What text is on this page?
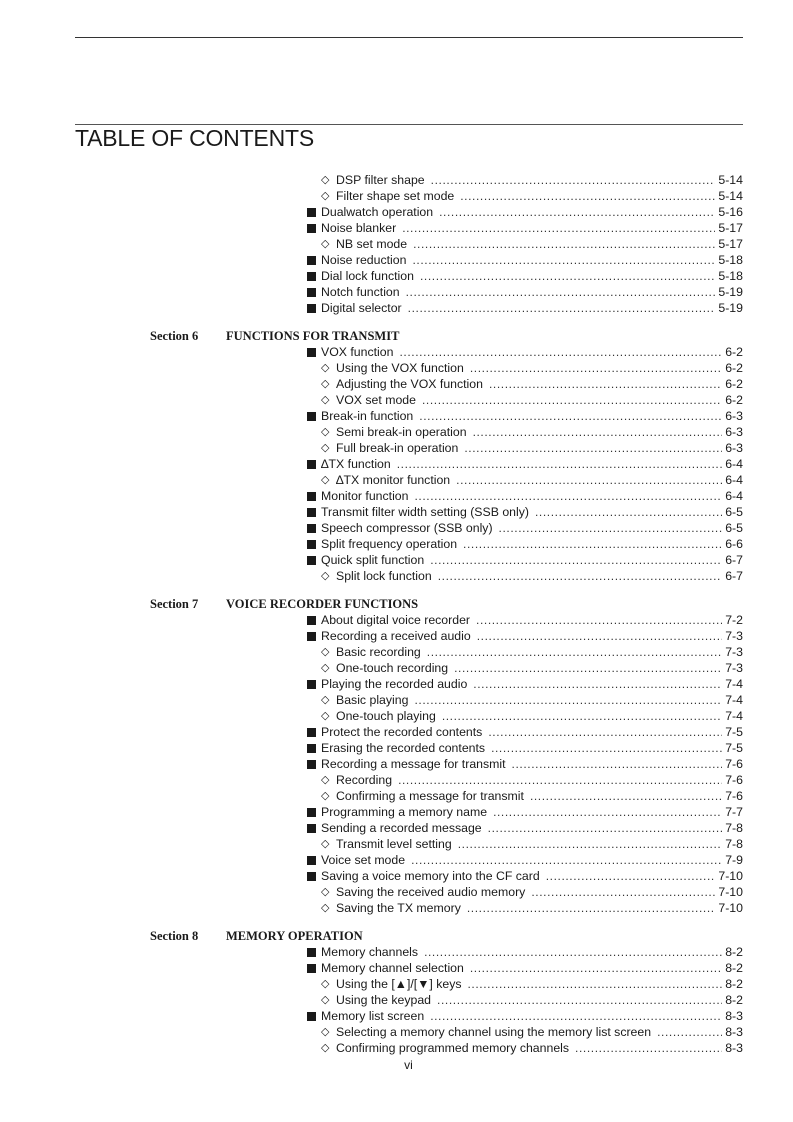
TABLE OF CONTENTS
◇ DSP filter shape .....	5-14
◇ Filter shape set mode .....	5-14
Dualwatch operation .....	5-16
Noise blanker .....	5-17
◇ NB set mode .....	5-17
Noise reduction .....	5-18
Dial lock function .....	5-18
Notch function .....	5-19
Digital selector .....	5-19
Section 6 FUNCTIONS FOR TRANSMIT
VOX function .....	6-2
◇ Using the VOX function .....	6-2
◇ Adjusting the VOX function .....	6-2
◇ VOX set mode .....	6-2
Break-in function .....	6-3
◇ Semi break-in operation .....	6-3
◇ Full break-in operation .....	6-3
∆TX function .....	6-4
◇ ∆TX monitor function .....	6-4
Monitor function .....	6-4
Transmit filter width setting (SSB only) .....	6-5
Speech compressor (SSB only) .....	6-5
Split frequency operation .....	6-6
Quick split function .....	6-7
◇ Split lock function .....	6-7
Section 7 VOICE RECORDER FUNCTIONS
About digital voice recorder .....	7-2
Recording a received audio .....	7-3
◇ Basic recording .....	7-3
◇ One-touch recording .....	7-3
Playing the recorded audio .....	7-4
◇ Basic playing .....	7-4
◇ One-touch playing .....	7-4
Protect the recorded contents .....	7-5
Erasing the recorded contents .....	7-5
Recording a message for transmit .....	7-6
◇ Recording .....	7-6
◇ Confirming a message for transmit .....	7-6
Programming a memory name .....	7-7
Sending a recorded message .....	7-8
◇ Transmit level setting .....	7-8
Voice set mode .....	7-9
Saving a voice memory into the CF card .....	7-10
◇ Saving the received audio memory .....	7-10
◇ Saving the TX memory .....	7-10
Section 8 MEMORY OPERATION
Memory channels .....	8-2
Memory channel selection .....	8-2
◇ Using the [▲]/[▼] keys .....	8-2
◇ Using the keypad .....	8-2
Memory list screen .....	8-3
◇ Selecting a memory channel using the memory list screen .....	8-3
◇ Confirming programmed memory channels .....	8-3
vi
